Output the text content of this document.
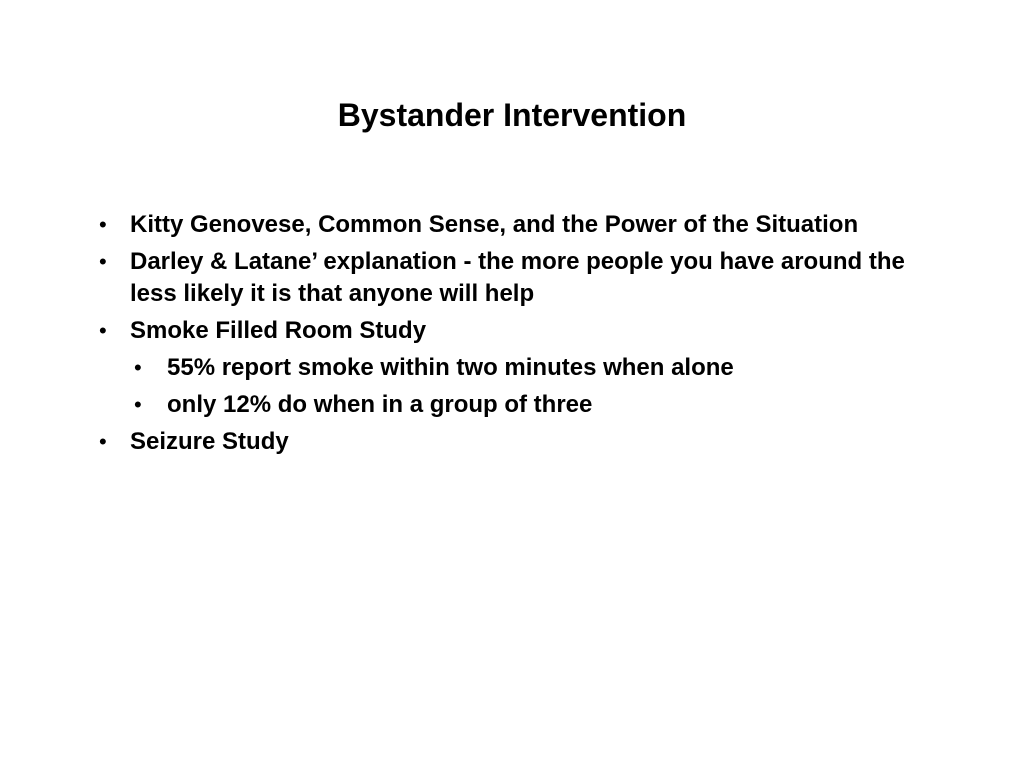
Bystander Intervention
• Kitty Genovese, Common Sense, and the Power of the Situation
• Darley & Latane’ explanation - the more people you have around the less likely it is that anyone will help
• Smoke Filled Room Study
•	55% report smoke within two minutes when alone
•	only 12% do when in a group of three
• Seizure Study
